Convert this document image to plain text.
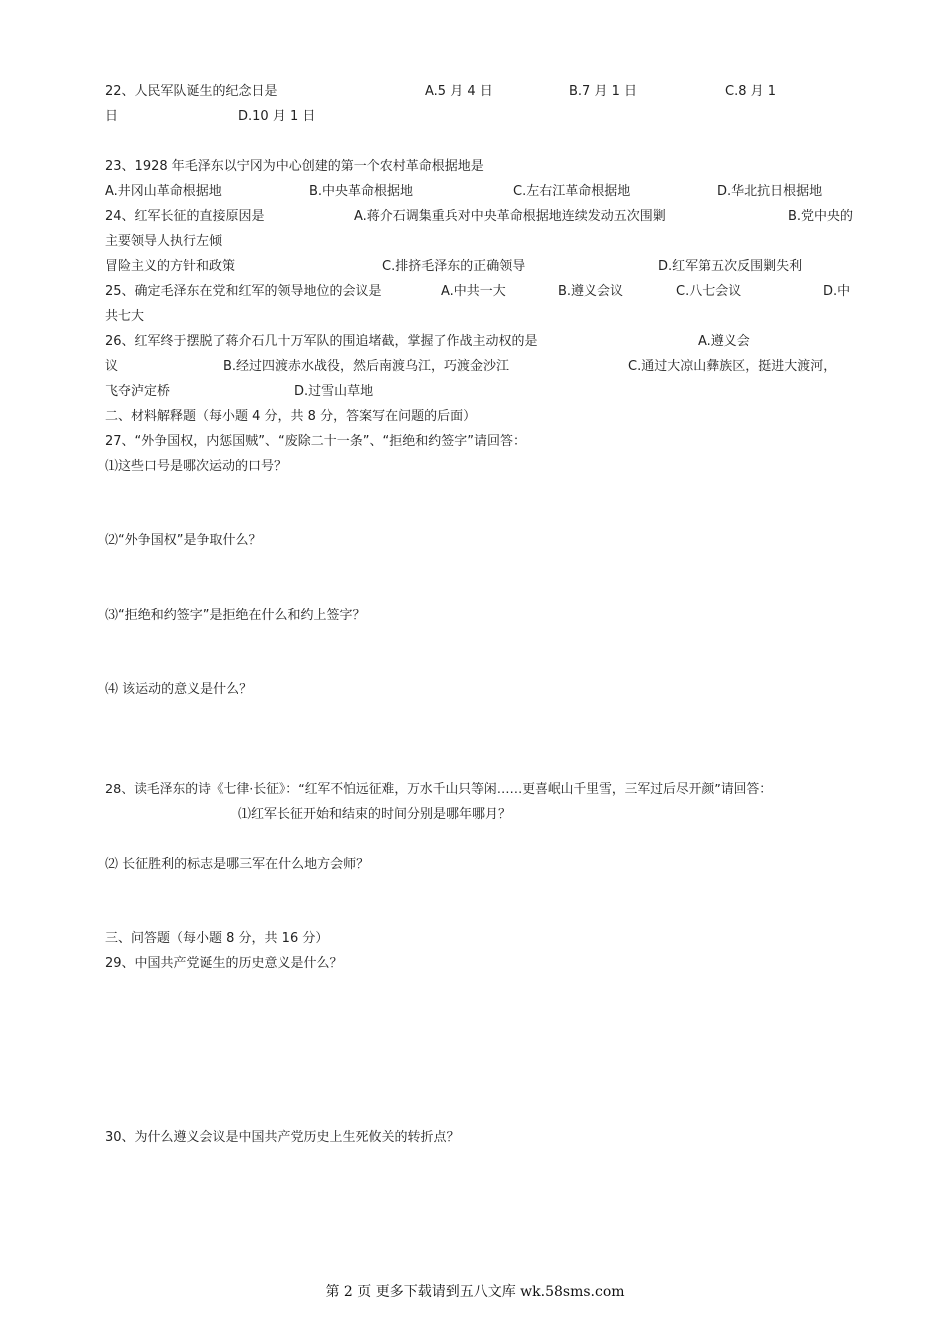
22、人民军队诞生的纪念日是	A.5 月 4 日	B.7 月 1 日	C.8 月 1
日	D.10 月 1 日
23、1928 年毛泽东以宁冈为中心创建的第一个农村革命根据地是
A.井冈山革命根据地	B.中央革命根据地	C.左右江革命根据地	D.华北抗日根据地
24、红军长征的直接原因是	A.蒋介石调集重兵对中央革命根据地连续发动五次围剿	B.党中央的
主要领导人执行左倾
冒险主义的方针和政策	C.排挤毛泽东的正确领导	D.红军第五次反围剿失利
25、确定毛泽东在党和红军的领导地位的会议是	A.中共一大	B.遵义会议	C.八七会议	D.中
共七大
26、红军终于摆脱了蒋介石几十万军队的围追堵截，掌握了作战主动权的是	A.遵义会
议	B.经过四渡赤水战役，然后南渡乌江，巧渡金沙江	C.通过大凉山彝族区，挺进大渡河，
飞夺泸定桥	D.过雪山草地
二、材料解释题（每小题 4 分，共 8 分，答案写在问题的后面）
27、“外争国权，内惩国贼”、“废除二十一条”、“拒绝和约签字”请回答：
⑴这些口号是哪次运动的口号？
⑵“外争国权”是争取什么？
⑶“拒绝和约签字”是拒绝在什么和约上签字？
⑷ 该运动的意义是什么？
28、读毛泽东的诗《七律·长征》：“红军不怕远征难，万水千山只等闲……更喜岷山千里雪，三军过后尽开颜”请回答：
⑴红军长征开始和结束的时间分别是哪年哪月？
⑵ 长征胜利的标志是哪三军在什么地方会师？
三、问答题（每小题 8 分，共 16 分）
29、中国共产党诞生的历史意义是什么？
30、为什么遵义会议是中国共产党历史上生死攸关的转折点？
第 2 页 更多下载请到五八文库 wk.58sms.com
